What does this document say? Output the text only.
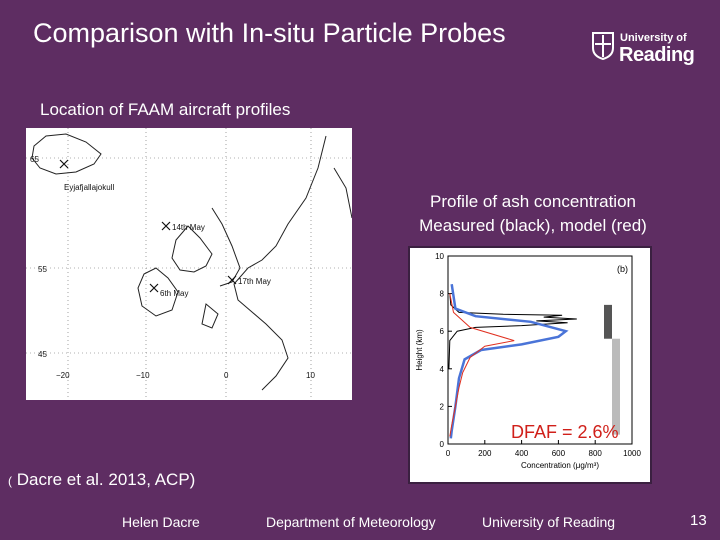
Comparison with In-situ Particle Probes	University of
Reading
Location of FAAM aircraft profiles
65
55
45
−20	−10	0	10
Eyjafjallajokull
14th May
17th May
6th May
Profile of ash concentration
Measured (black), model (red)
0	200	400	600	800	1000
0
2
4
6
8
10
Concentration (μg/m³)
Height (km)
(b)
DFAF = 2.6%
( Dacre et al. 2013, ACP)
Helen Dacre	Department of Meteorology	University of Reading	13
